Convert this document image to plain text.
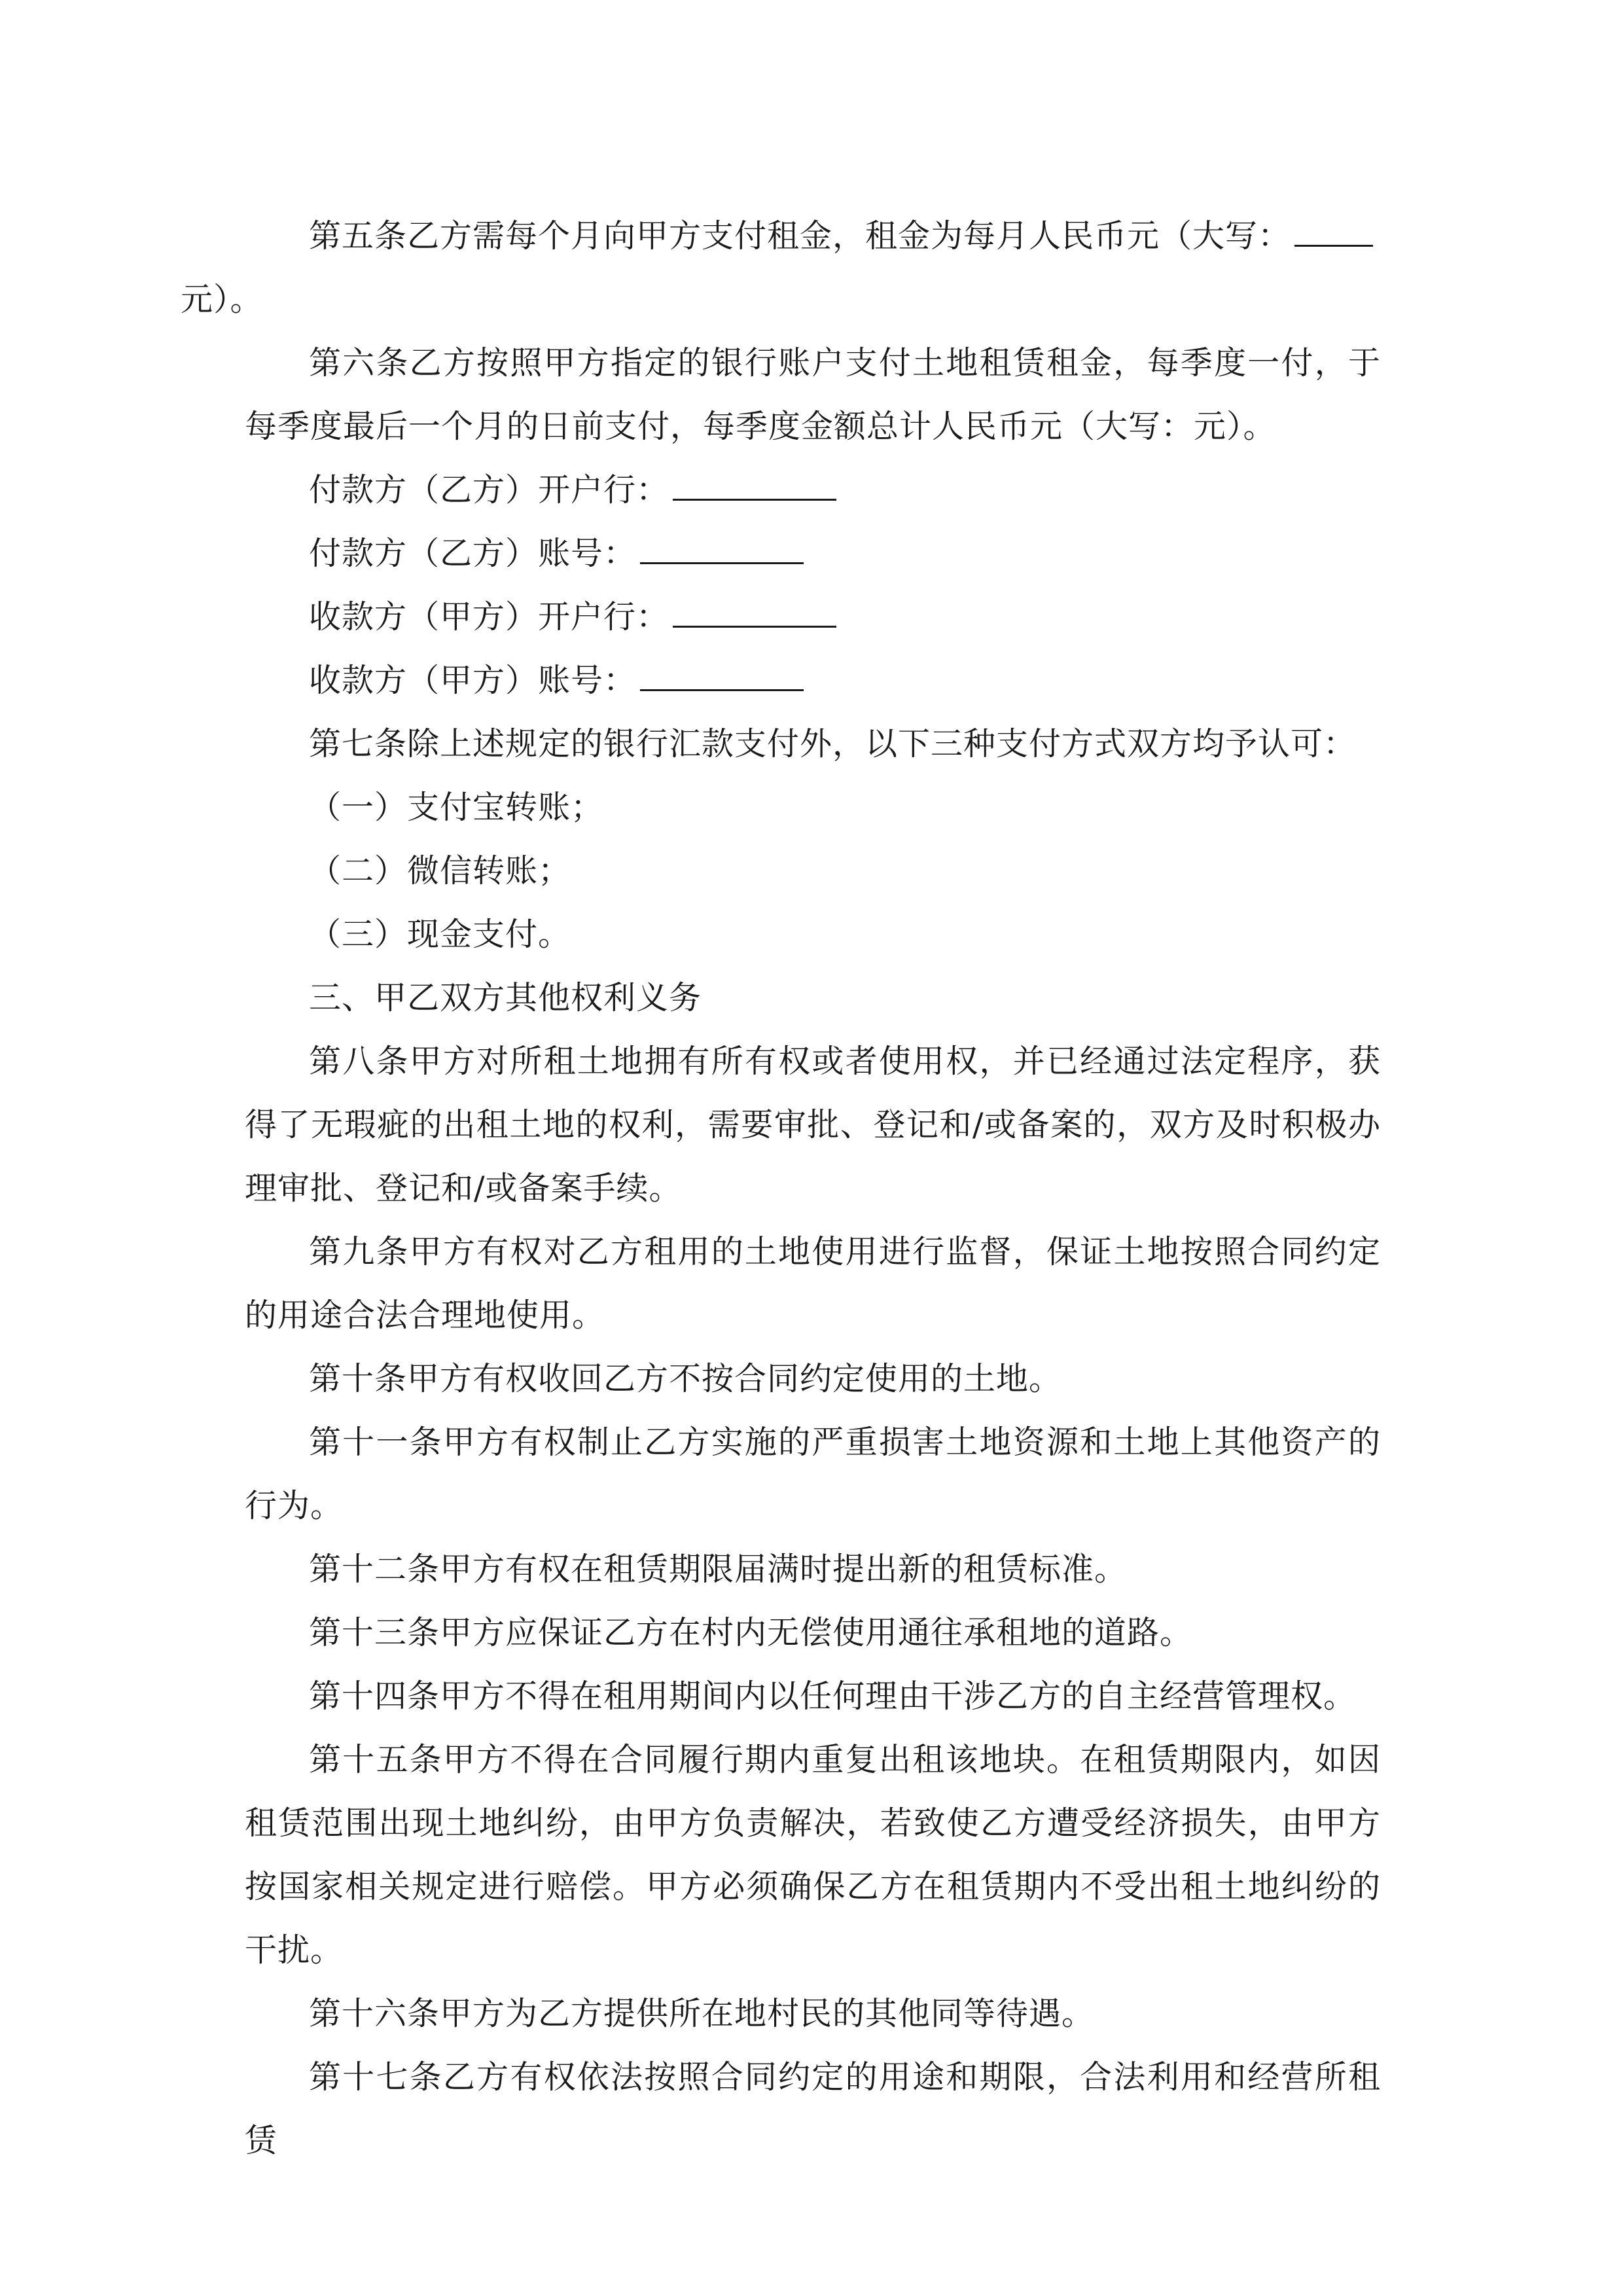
第五条乙方需每个月向甲方支付租金，租金为每月人民币元（大写：
元）。

第六条乙方按照甲方指定的银行账户支付土地租赁租金，每季度一付，于每季度最后一个月的日前支付，每季度金额总计人民币元（大写：元）。

付款方（乙方）开户行：

付款方（乙方）账号：

收款方（甲方）开户行：

收款方（甲方）账号：

第七条除上述规定的银行汇款支付外，以下三种支付方式双方均予认可：

（一）支付宝转账；

（二）微信转账；

（三）现金支付。

三、甲乙双方其他权利义务

第八条甲方对所租土地拥有所有权或者使用权，并已经通过法定程序，获得了无瑕疵的出租土地的权利，需要审批、登记和/或备案的，双方及时积极办理审批、登记和/或备案手续。

第九条甲方有权对乙方租用的土地使用进行监督，保证土地按照合同约定的用途合法合理地使用。

第十条甲方有权收回乙方不按合同约定使用的土地。

第十一条甲方有权制止乙方实施的严重损害土地资源和土地上其他资产的行为。

第十二条甲方有权在租赁期限届满时提出新的租赁标准。

第十三条甲方应保证乙方在村内无偿使用通往承租地的道路。

第十四条甲方不得在租用期间内以任何理由干涉乙方的自主经营管理权。

第十五条甲方不得在合同履行期内重复出租该地块。在租赁期限内，如因租赁范围出现土地纠纷，由甲方负责解决，若致使乙方遭受经济损失，由甲方按国家相关规定进行赔偿。甲方必须确保乙方在租赁期内不受出租土地纠纷的干扰。

第十六条甲方为乙方提供所在地村民的其他同等待遇。

第十七条乙方有权依法按照合同约定的用途和期限，合法利用和经营所租赁
